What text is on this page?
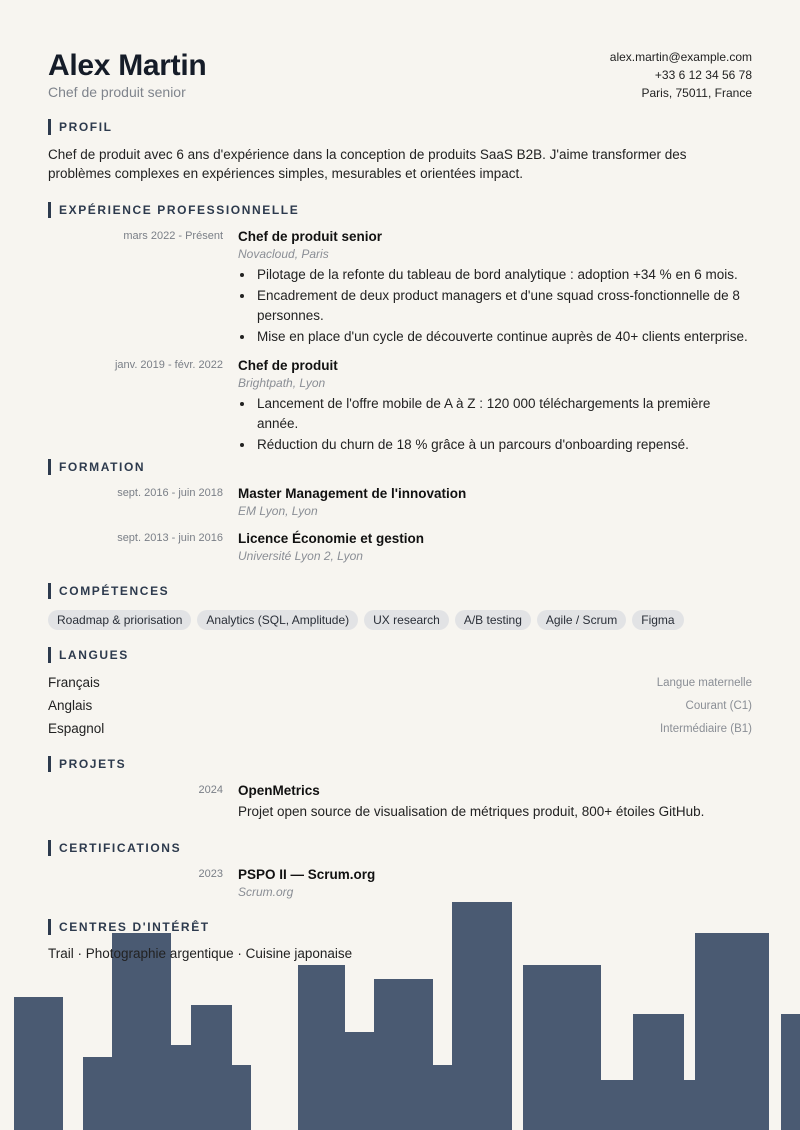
Alex Martin
Chef de produit senior
alex.martin@example.com
+33 6 12 34 56 78
Paris, 75011, France
PROFIL
Chef de produit avec 6 ans d'expérience dans la conception de produits SaaS B2B. J'aime transformer des problèmes complexes en expériences simples, mesurables et orientées impact.
EXPÉRIENCE PROFESSIONNELLE
mars 2022 - Présent Chef de produit senior
Novacloud, Paris
• Pilotage de la refonte du tableau de bord analytique : adoption +34 % en 6 mois.
• Encadrement de deux product managers et d'une squad cross-fonctionnelle de 8 personnes.
• Mise en place d'un cycle de découverte continue auprès de 40+ clients enterprise.
janv. 2019 - févr. 2022 Chef de produit
Brightpath, Lyon
• Lancement de l'offre mobile de A à Z : 120 000 téléchargements la première année.
• Réduction du churn de 18 % grâce à un parcours d'onboarding repensé.
FORMATION
sept. 2016 - juin 2018 Master Management de l'innovation
EM Lyon, Lyon
sept. 2013 - juin 2016 Licence Économie et gestion
Université Lyon 2, Lyon
COMPÉTENCES
Roadmap & priorisation	Analytics (SQL, Amplitude)	UX research	A/B testing	Agile / Scrum	Figma
LANGUES
Français	Langue maternelle
Anglais	Courant (C1)
Espagnol	Intermédiaire (B1)
PROJETS
2024 OpenMetrics
Projet open source de visualisation de métriques produit, 800+ étoiles GitHub.
CERTIFICATIONS
2023 PSPO II — Scrum.org
Scrum.org
CENTRES D'INTÉRÊT
Trail · Photographie argentique · Cuisine japonaise
